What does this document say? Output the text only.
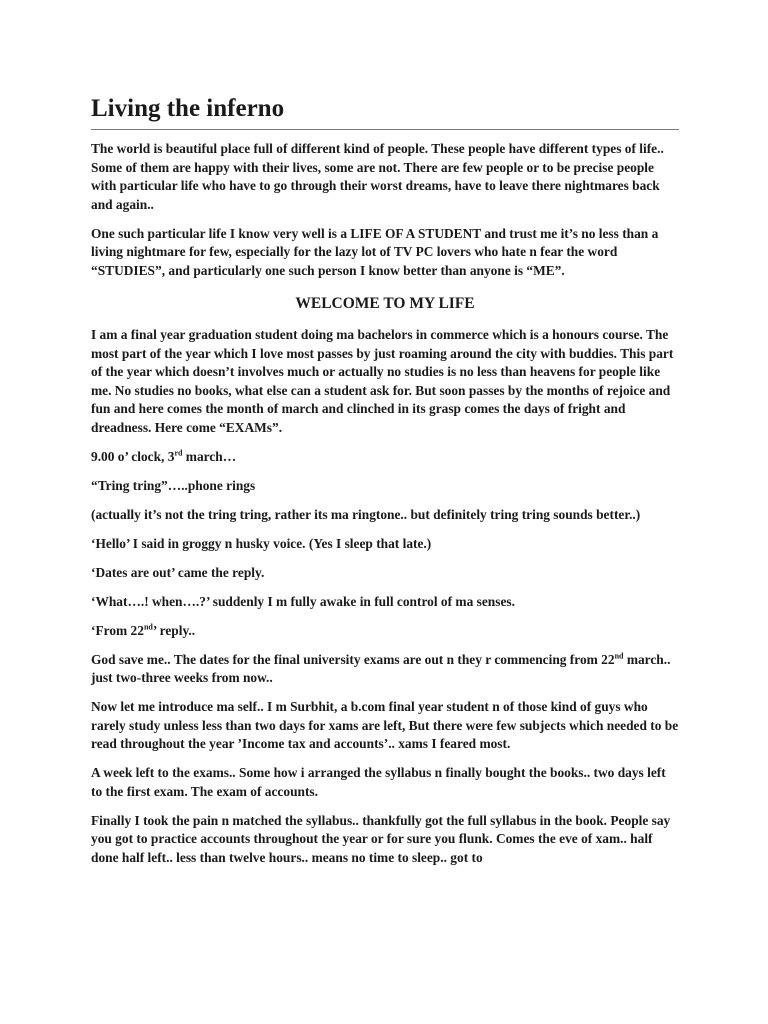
Living the inferno

The world is beautiful place full of different kind of people. These people have different types of life.. Some of them are happy with their lives, some are not. There are few people or to be precise people with particular life who have to go through their worst dreams, have to leave there nightmares back and again..

One such particular life I know very well is a LIFE OF A STUDENT and trust me it’s no less than a living nightmare for few, especially for the lazy lot of TV PC lovers who hate n fear the word “STUDIES”, and particularly one such person I know better than anyone is “ME”.

WELCOME TO MY LIFE

I am a final year graduation student doing ma bachelors in commerce which is a honours course. The most part of the year which I love most passes by just roaming around the city with buddies. This part of the year which doesn’t involves much or actually no studies is no less than heavens for people like me. No studies no books, what else can a student ask for. But soon passes by the months of rejoice and fun and here comes the month of march and clinched in its grasp comes the days of fright and dreadness. Here come “EXAMs”.

9.00 o’ clock, 3rd march…

“Tring tring”…..phone rings

(actually it’s not the tring tring, rather its ma ringtone.. but definitely tring tring sounds better..)

‘Hello’ I said in groggy n husky voice. (Yes I sleep that late.)

‘Dates are out’ came the reply.

‘What….! when….?’ suddenly I m fully awake in full control of ma senses.

‘From 22nd’ reply..

God save me.. The dates for the final university exams are out n they r commencing from 22nd march.. just two-three weeks from now..

Now let me introduce ma self.. I m Surbhit, a b.com final year student n of those kind of guys who rarely study unless less than two days for xams are left, But there were few subjects which needed to be read throughout the year ’Income tax and accounts’.. xams I feared most.

A week left to the exams.. Some how i arranged the syllabus n finally bought the books.. two days left to the first exam. The exam of accounts.

Finally I took the pain n matched the syllabus.. thankfully got the full syllabus in the book. People say you got to practice accounts throughout the year or for sure you flunk. Comes the eve of xam.. half done half left.. less than twelve hours.. means no time to sleep.. got to
